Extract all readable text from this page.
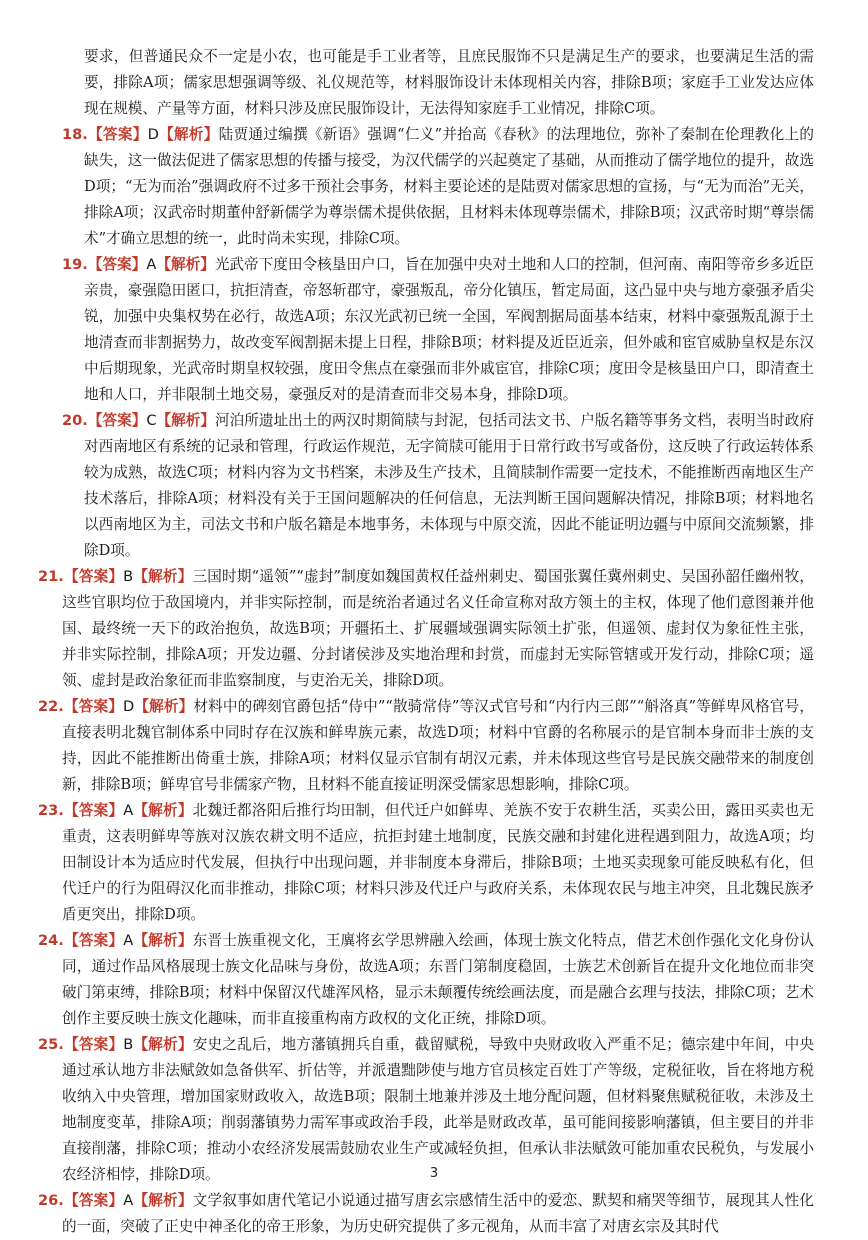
要求，但普通民众不一定是小农，也可能是手工业者等，且庶民服饰不只是满足生产的要求，也要满足生活的需要，排除A项；儒家思想强调等级、礼仪规范等，材料服饰设计未体现相关内容，排除B项；家庭手工业发达应体现在规模、产量等方面，材料只涉及庶民服饰设计，无法得知家庭手工业情况，排除C项。

18.【答案】D【解析】陆贾通过编撰《新语》强调“仁义”并抬高《春秋》的法理地位，弥补了秦制在伦理教化上的缺失，这一做法促进了儒家思想的传播与接受，为汉代儒学的兴起奠定了基础，从而推动了儒学地位的提升，故选D项；“无为而治”强调政府不过多干预社会事务，材料主要论述的是陆贾对儒家思想的宣扬，与“无为而治”无关，排除A项；汉武帝时期董仲舒新儒学为尊崇儒术提供依据，且材料未体现尊崇儒术，排除B项；汉武帝时期“尊崇儒术”才确立思想的统一，此时尚未实现，排除C项。

19.【答案】A【解析】光武帝下度田令核垦田户口，旨在加强中央对土地和人口的控制，但河南、南阳等帝乡多近臣亲贵，豪强隐田匿口，抗拒清查，帝怒斩郡守，豪强叛乱，帝分化镇压，暂定局面，这凸显中央与地方豪强矛盾尖锐，加强中央集权势在必行，故选A项；东汉光武初已统一全国，军阀割据局面基本结束，材料中豪强叛乱源于土地清查而非割据势力，故改变军阀割据未提上日程，排除B项；材料提及近臣近亲，但外戚和宦官威胁皇权是东汉中后期现象，光武帝时期皇权较强，度田令焦点在豪强而非外戚宦官，排除C项；度田令是核垦田户口，即清查土地和人口，并非限制土地交易，豪强反对的是清查而非交易本身，排除D项。

20.【答案】C【解析】河泊所遗址出土的两汉时期简牍与封泥，包括司法文书、户版名籍等事务文档，表明当时政府对西南地区有系统的记录和管理，行政运作规范，无字简牍可能用于日常行政书写或备份，这反映了行政运转体系较为成熟，故选C项；材料内容为文书档案，未涉及生产技术，且简牍制作需要一定技术，不能推断西南地区生产技术落后，排除A项；材料没有关于王国问题解决的任何信息，无法判断王国问题解决情况，排除B项；材料地名以西南地区为主，司法文书和户版名籍是本地事务，未体现与中原交流，因此不能证明边疆与中原间交流频繁，排除D项。

21.【答案】B【解析】三国时期“遥领”“虚封”制度如魏国黄权任益州刺史、蜀国张翼任冀州刺史、吴国孙韶任幽州牧，这些官职均位于敌国境内，并非实际控制，而是统治者通过名义任命宣称对敌方领土的主权，体现了他们意图兼并他国、最终统一天下的政治抱负，故选B项；开疆拓土、扩展疆域强调实际领土扩张，但遥领、虚封仅为象征性主张，并非实际控制，排除A项；开发边疆、分封诸侯涉及实地治理和封赏，而虚封无实际管辖或开发行动，排除C项；遥领、虚封是政治象征而非监察制度，与吏治无关，排除D项。

22.【答案】D【解析】材料中的碑刻官爵包括“侍中”“散骑常侍”等汉式官号和“内行内三郎”“斛洛真”等鲜卑风格官号，直接表明北魏官制体系中同时存在汉族和鲜卑族元素，故选D项；材料中官爵的名称展示的是官制本身而非士族的支持，因此不能推断出倚重士族，排除A项；材料仅显示官制有胡汉元素，并未体现这些官号是民族交融带来的制度创新，排除B项；鲜卑官号非儒家产物，且材料不能直接证明深受儒家思想影响，排除C项。

23.【答案】A【解析】北魏迁都洛阳后推行均田制，但代迁户如鲜卑、羌族不安于农耕生活，买卖公田，露田买卖也无重责，这表明鲜卑等族对汉族农耕文明不适应，抗拒封建土地制度，民族交融和封建化进程遇到阻力，故选A项；均田制设计本为适应时代发展，但执行中出现问题，并非制度本身滞后，排除B项；土地买卖现象可能反映私有化，但代迁户的行为阻碍汉化而非推动，排除C项；材料只涉及代迁户与政府关系，未体现农民与地主冲突，且北魏民族矛盾更突出，排除D项。

24.【答案】A【解析】东晋士族重视文化，王廙将玄学思辨融入绘画，体现士族文化特点，借艺术创作强化文化身份认同，通过作品风格展现士族文化品味与身份，故选A项；东晋门第制度稳固，士族艺术创新旨在提升文化地位而非突破门第束缚，排除B项；材料中保留汉代雄浑风格，显示未颠覆传统绘画法度，而是融合玄理与技法，排除C项；艺术创作主要反映士族文化趣味，而非直接重构南方政权的文化正统，排除D项。

25.【答案】B【解析】安史之乱后，地方藩镇拥兵自重，截留赋税，导致中央财政收入严重不足；德宗建中年间，中央通过承认地方非法赋敛如急备供军、折估等，并派遣黜陟使与地方官员核定百姓丁产等级，定税征收，旨在将地方税收纳入中央管理，增加国家财政收入，故选B项；限制土地兼并涉及土地分配问题，但材料聚焦赋税征收，未涉及土地制度变革，排除A项；削弱藩镇势力需军事或政治手段，此举是财政改革，虽可能间接影响藩镇，但主要目的并非直接削藩，排除C项；推动小农经济发展需鼓励农业生产或减轻负担，但承认非法赋敛可能加重农民税负，与发展小农经济相悖，排除D项。

26.【答案】A【解析】文学叙事如唐代笔记小说通过描写唐玄宗感情生活中的爱恋、默契和痛哭等细节，展现其人性化的一面，突破了正史中神圣化的帝王形象，为历史研究提供了多元视角，从而丰富了对唐玄宗及其时代

3
